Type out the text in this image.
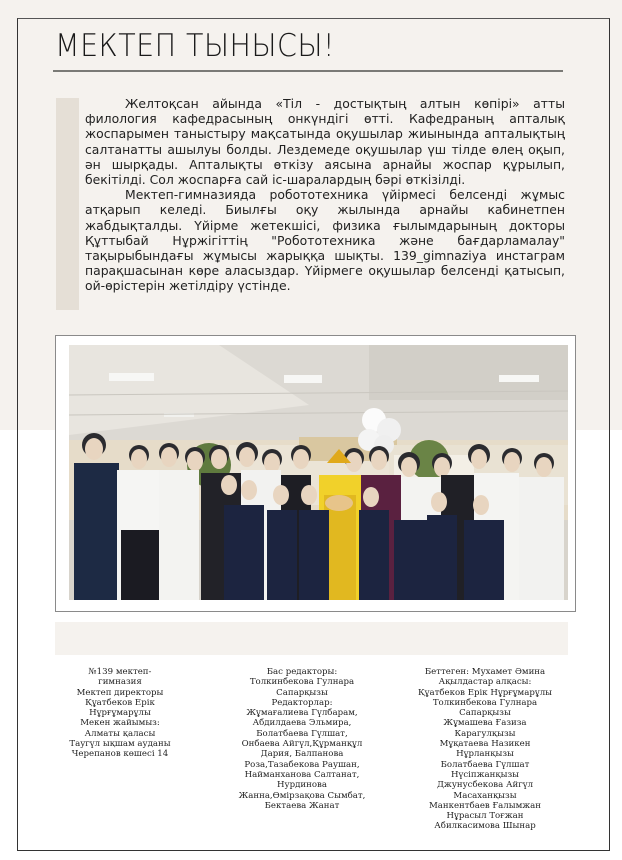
МЕКТЕП ТЫНЫСЫ!

Желтоқсан айында «Тіл - достықтың алтын көпірі» атты филология кафедрасының онкүндігі өтті. Кафедраның апталық жоспарымен таныстыру мақсатында оқушылар жиынында апталықтың салтанатты ашылуы болды. Лездемеде оқушылар үш тілде өлең оқып, ән шырқады. Апталықты өткізу аясына арнайы жоспар құрылып, бекітілді. Сол жоспарға сай іс-шаралардың бәрі өткізілді.

Мектеп-гимназияда робототехника үйірмесі белсенді жұмыс атқарып келеді. Биылғы оқу жылында арнайы кабинетпен жабдықталды. Үйірме жетекшісі, физика ғылымдарының докторы Құттыбай Нұржігіттің "Робототехника және бағдарламалау" тақырыбындағы жұмысы жарыққа шықты. 139_gimnaziya инстаграм парақшасынан көре аласыздар. Үйірмеге оқушылар белсенді қатысып, ой-өрістерін жетілдіру үстінде.

№139 мектеп-
гимназия
Мектеп директоры
Құатбеков Ерік
Нұрғұмарұлы
Мекен жайымыз:
Алматы қаласы
Таугүл ықшам ауданы
Черепанов көшесі 14
Бас редакторы:
Толкинбекова Гулнара
Сапарқызы
Редакторлар:
Жұмағалиева Гүлбарам,
Абдилдаева Эльмира,
Болатбаева Гүлшат,
Онбаева Айгүл,Құрманқұл
Дария, Балпанова
Роза,Тазабекова Раушан,
Найманханова Салтанат,
Нурдинова
Жанна,Өмірзақова Сымбат,
Бектаева Жанат
Беттеген: Мухамет Әмина
Ақылдастар алқасы:
Құатбеков Ерік Нұрғұмарұлы
Толкинбекова Гулнара
Сапарқызы
Жұмашева Ғазиза
Карагулқызы
Мұқатаева Назикен
Нұрланқызы
Болатбаева Гүлшат
Нүсіпжанқызы
Джунусбекова Айгүл
Масаханқызы
Манкентбаев Ғалымжан
Нұрасыл Тоғжан
Абилкасимова Шынар
